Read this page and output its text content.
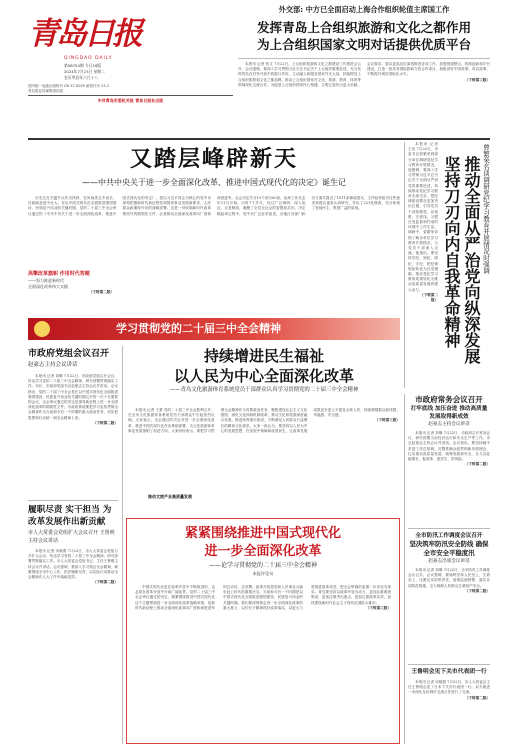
青岛日报
QINGDAO DAILY
第58754期 今日16版
2024年7月23日 星期二
农历甲辰年六月十八
国内统一连续出版物号 CN 37-0029 邮发代号 23-1
青岛报业传媒集团出版
中共青岛市委机关报 青岛日报社出版
外交部: 中方已全面启动上海合作组织轮值主席国工作
发挥青岛上合组织旅游和文化之都作用
为上合组织国家文明对话提供优质平台

本报讯 记者 张文 7月22日，上合组织旅游和文化之都建设工作推进会召开，会议强调，要深入学习贯彻习近平总书记关于上合组织重要论述，充分发挥青岛在对外开放中的窗口作用，主动融入和服务国家外交大局，持续擦亮上合组织旅游和文化之都品牌，推动上合组织国家在文化、旅游、教育、体育等领域深化交流合作，为促进上合组织国家民心相通、文明互鉴作出更大贡献。会议要求，要以更高站位谋划推进各项工作，加强资源整合、机制创新和平台建设，打造一批具有国际影响力的合作项目，积极讲好中国故事、青岛故事，不断提升城市国际化水平。

（下转第三版）

又踏层峰辟新天
——中共中央关于进一步全面深化改革、推进中国式现代化的决定》诞生记

历史总在关键节点作出抉择，在风雨洗礼中成长、在砥砺奋进中壮大。在以中国式现代化全面推进强国建设、民族复兴伟业的关键时期，党的二十届三中全会审议通过的《中共中央关于进一步全面深化改革、推进中国式现代化的决定》，是以习近平同志为核心的党中央深刻把握新时代新征程党和国家事业发展新要求、人民群众新期待作出的战略部署。这是一份吹响新时代改革集结号的纲领性文件，必将推动全面深化改革向广度和深度进军。全会决定共分15个部分60条，起草工作从去年11月开始，历时7个多月，经过广泛调研、深入论证、反复修改，凝聚了全党全社会的智慧和共识。决定稿起草过程中，党中央广泛征求意见，各地区各部门和各方面共提出了1911条修改建议，文件起草组对这些意见和建议逐条认真研究，作出了221处修改，充分体现了发扬民主、集思广益的原则。

高擎改革旗帜 作用时代答题
——努力推进新时代
全面深化改革伟大实践
（下转第二版）

本报讯 记者 王英 7月22日，市委书记曾繁荣到部分单位调研党纪学习教育开展情况。他强调，要深入学习贯彻习近平总书记关于全面从严治党的重要论述，持续推动党纪学习教育走深走实，把纪律建设摆在更加突出位置，引导党员干部知敬畏、存戒惧、守底线，习惯在受监督和约束的环境中工作生活。调研中，曾繁荣详细了解各单位学习教育开展情况，与党员干部深入交流。他指出，要坚持学纪、知纪、明纪、守纪，把纪律规矩转化为自觉遵循，推动党纪学习教育成果转化为推动高质量发展的强大动力。

（下转第二版）	推动全面从严治党向纵深发展 坚持刀刃向内自我革命精神	曾繁荣名谈调研党纪学习教育开展情况时强调
学习贯彻党的二十届三中全会精神
市政府党组会议召开
赵豪志主持会议讲话

本报讯 记者 刘琳 7月22日，市政府党组召开会议，传达学习党的二十届三中全会精神，研究部署贯彻落实工作。市长、市政府党组书记赵豪志主持会议并讲话。会议指出，党的二十届三中全会是在以中国式现代化全面推进强国建设、民族复兴伟业的关键时期召开的一次十分重要的会议，全会审议通过的决定是指导新征程上进一步全面深化改革的纲领性文件。市政府系统要把学习宣传贯彻全会精神作为当前和今后一个时期的重大政治任务，切实把思想和行动统一到全会精神上来。

（下转第二版）

履职尽责 实干担当 为改革发展作出新贡献
市人大常委会党组扩大会议召开 王鲁明主持会议讲话

本报讯 记者 宋晓燕 7月22日，市人大常委会党组召开扩大会议，传达学习党的二十届三中全会精神，研究部署贯彻落实工作。市人大常委会党组书记、主任王鲁明主持会议并讲话。会议强调，要深入学习领会全会精神，紧紧围绕全市中心工作，依法履职尽责，以实际行动推动全会精神在人大工作中落地见效。

（下转第二版）

持续增进民生福祉
以人民为中心全面深化改革
——青岛文化旅游体育系统党员干部群众认真学习贯彻党的二十届三中全会精神

本报讯 记者 王蕾 党的二十届三中全会胜利召开，在全市文化旅游体育系统党员干部群众中引起热烈反响。大家表示，全会通过的决定对进一步全面深化改革、推进中国式现代化作出系统部署，为文化旅游体育事业发展指明了前进方向。大家纷纷表示，要把学习贯彻全会精神作为首要政治任务，聚焦建设社会主义文化强国，深化文化体制机制改革，推动文化和旅游深度融合发展，推进体育强市建设，不断满足人民群众日益增长的精神文化需求。大家一致认为，要坚持以人民为中心的发展思想，在发展中保障和改善民生，让改革发展成果更多更公平惠及全体人民，持续增强群众获得感、幸福感、安全感。

（下转第三版）

推动文旅产业高质量发展
市政府常务会议召开
打牢底线 加压奋进 推动高质量发展取得新成效
赵豪志主持会议讲话

本报讯 记者 刘琳 7月22日，市政府召开常务会议，研究部署当前经济运行和安全生产等工作。市长赵豪志主持会议并讲话。会议指出，要坚持稳中求进工作总基调，完整准确全面贯彻新发展理念，扎实推动高质量发展，统筹发展和安全，全力以赴稳增长、促改革、惠民生、防风险。

（下转第二版）

全市防汛工作调度会议召开
坚决筑牢防汛安全防线 确保全市安全平稳度汛
赵豪志出席会议讲话

本报讯 记者 刘琳 7月22日，全市防汛工作调度会议召开。会议强调，要始终坚持人民至上、生命至上，压紧压实防汛责任，加强监测预警，落实各项防范措施，全力保障人民群众生命财产安全。

（下转第二版）

王鲁明会见下关市代表团一行

本报讯 记者 宋晓燕 7月22日，市人大常委会主任王鲁明会见了日本下关市代表团一行。双方就进一步深化友好城市交流合作进行了交流。

（下转第二版）

紧紧围绕推进中国式现代化
进一步全面深化改革
——论学习贯彻党的二十届三中全会精神
本报评论员

中国式现代化是在改革开放中不断推进的，也必将在改革开放中开辟广阔前景。党的二十届三中全会审议通过的决定，紧紧围绕推进中国式现代化这个主题擘画进一步全面深化改革战略举措，是新时代新征程上推动全面深化改革向广度和深度进军的总动员、总部署。改革开放是党和人民事业大踏步赶上时代的重要法宝。当前和今后一个时期是以中国式现代化全面推进强国建设、民族复兴伟业的关键时期。我们要深刻领会进一步全面深化改革的重大意义，以钉钉子精神抓好改革落实，以更大力度推进改革攻坚，把全会擘画的蓝图一步步变为现实。青岛要坚持以改革开放为动力，更加注重系统集成，更加注重突出重点，更加注重改革实效，加快建设新时代社会主义现代化国际大都市。

（下转第三版）
